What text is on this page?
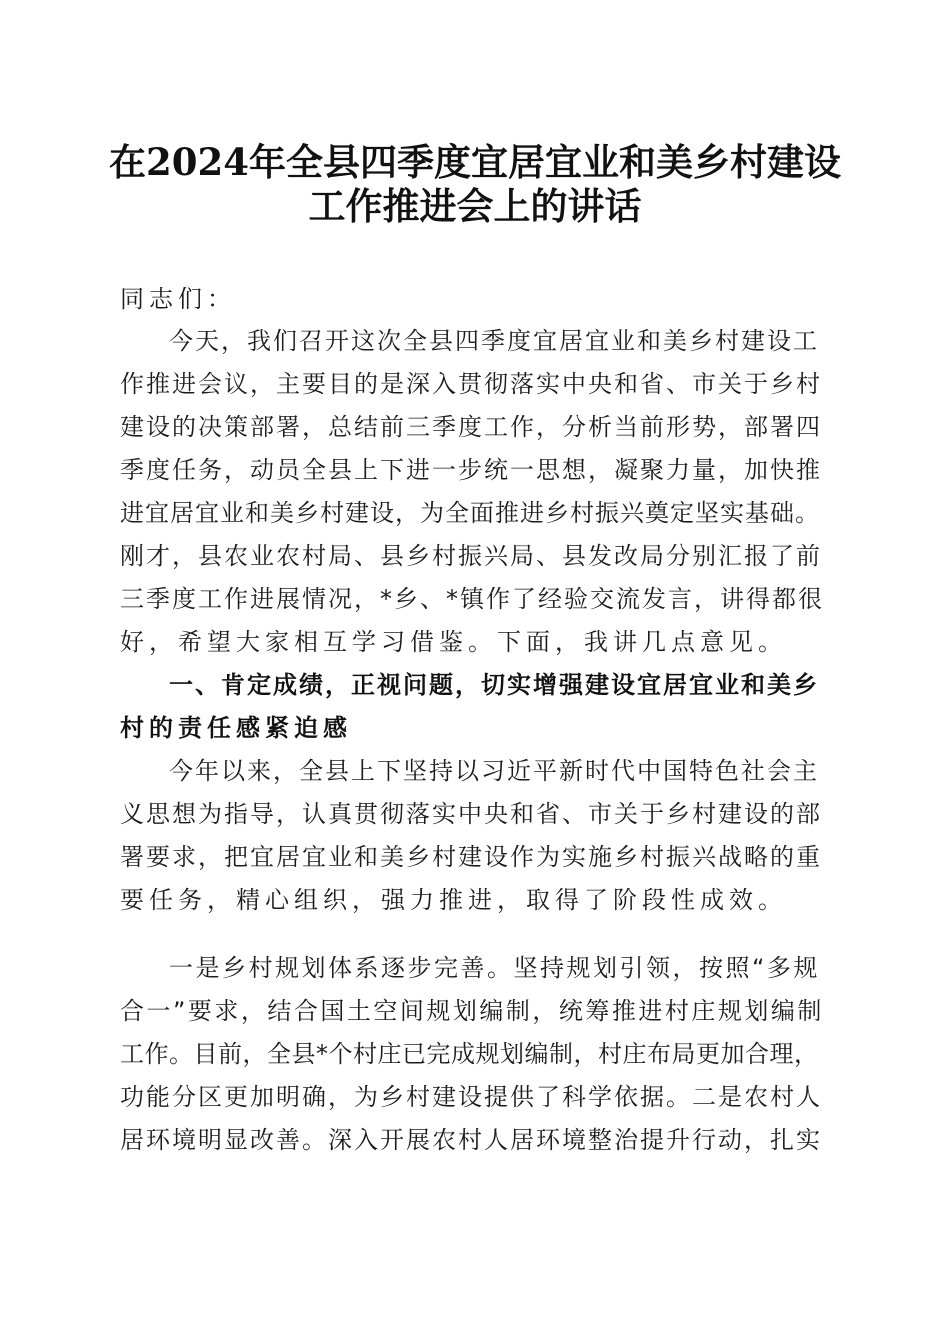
在2024年全县四季度宜居宜业和美乡村建设
工作推进会上的讲话
同志们：
今天，我们召开这次全县四季度宜居宜业和美乡村建设工
作推进会议，主要目的是深入贯彻落实中央和省、市关于乡村
建设的决策部署，总结前三季度工作，分析当前形势，部署四
季度任务，动员全县上下进一步统一思想，凝聚力量，加快推
进宜居宜业和美乡村建设，为全面推进乡村振兴奠定坚实基础。
刚才，县农业农村局、县乡村振兴局、县发改局分别汇报了前
三季度工作进展情况，*乡、*镇作了经验交流发言，讲得都很
好，希望大家相互学习借鉴。下面，我讲几点意见。
一、肯定成绩，正视问题，切实增强建设宜居宜业和美乡
村的责任感紧迫感
今年以来，全县上下坚持以习近平新时代中国特色社会主
义思想为指导，认真贯彻落实中央和省、市关于乡村建设的部
署要求，把宜居宜业和美乡村建设作为实施乡村振兴战略的重
要任务，精心组织，强力推进，取得了阶段性成效。
一是乡村规划体系逐步完善。坚持规划引领，按照“多规
合一”要求，结合国土空间规划编制，统筹推进村庄规划编制
工作。目前，全县*个村庄已完成规划编制，村庄布局更加合理，
功能分区更加明确，为乡村建设提供了科学依据。二是农村人
居环境明显改善。深入开展农村人居环境整治提升行动，扎实
